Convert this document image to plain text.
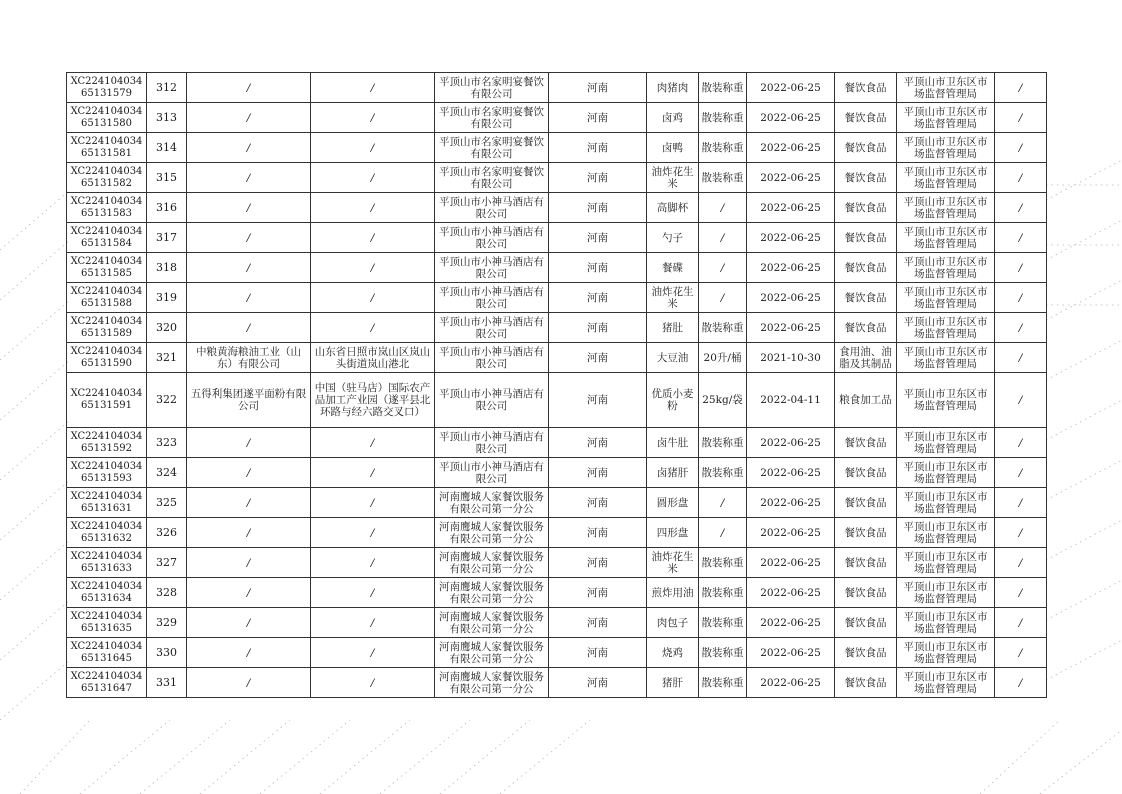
XC22410403465131579	312	/	/	平顶山市名家明宴餐饮有限公司	河南	肉猪肉	散装称重	2022-06-25	餐饮食品	平顶山市卫东区市场监督管理局	/
XC22410403465131580	313	/	/	平顶山市名家明宴餐饮有限公司	河南	卤鸡	散装称重	2022-06-25	餐饮食品	平顶山市卫东区市场监督管理局	/
XC22410403465131581	314	/	/	平顶山市名家明宴餐饮有限公司	河南	卤鸭	散装称重	2022-06-25	餐饮食品	平顶山市卫东区市场监督管理局	/
XC22410403465131582	315	/	/	平顶山市名家明宴餐饮有限公司	河南	油炸花生米	散装称重	2022-06-25	餐饮食品	平顶山市卫东区市场监督管理局	/
XC22410403465131583	316	/	/	平顶山市小神马酒店有限公司	河南	高脚杯	/	2022-06-25	餐饮食品	平顶山市卫东区市场监督管理局	/
XC22410403465131584	317	/	/	平顶山市小神马酒店有限公司	河南	勺子	/	2022-06-25	餐饮食品	平顶山市卫东区市场监督管理局	/
XC22410403465131585	318	/	/	平顶山市小神马酒店有限公司	河南	餐碟	/	2022-06-25	餐饮食品	平顶山市卫东区市场监督管理局	/
XC22410403465131588	319	/	/	平顶山市小神马酒店有限公司	河南	油炸花生米	/	2022-06-25	餐饮食品	平顶山市卫东区市场监督管理局	/
XC22410403465131589	320	/	/	平顶山市小神马酒店有限公司	河南	猪肚	散装称重	2022-06-25	餐饮食品	平顶山市卫东区市场监督管理局	/
XC22410403465131590	321	中粮黄海粮油工业（山东）有限公司	山东省日照市岚山区岚山头街道岚山港北	平顶山市小神马酒店有限公司	河南	大豆油	20升/桶	2021-10-30	食用油、油脂及其制品	平顶山市卫东区市场监督管理局	/
XC22410403465131591	322	五得利集团遂平面粉有限公司	中国（驻马店）国际农产品加工产业园（遂平县北环路与经六路交叉口）	平顶山市小神马酒店有限公司	河南	优质小麦粉	25kg/袋	2022-04-11	粮食加工品	平顶山市卫东区市场监督管理局	/
XC22410403465131592	323	/	/	平顶山市小神马酒店有限公司	河南	卤牛肚	散装称重	2022-06-25	餐饮食品	平顶山市卫东区市场监督管理局	/
XC22410403465131593	324	/	/	平顶山市小神马酒店有限公司	河南	卤猪肝	散装称重	2022-06-25	餐饮食品	平顶山市卫东区市场监督管理局	/
XC22410403465131631	325	/	/	河南鹰城人家餐饮服务有限公司第一分公	河南	圆形盘	/	2022-06-25	餐饮食品	平顶山市卫东区市场监督管理局	/
XC22410403465131632	326	/	/	河南鹰城人家餐饮服务有限公司第一分公	河南	四形盘	/	2022-06-25	餐饮食品	平顶山市卫东区市场监督管理局	/
XC22410403465131633	327	/	/	河南鹰城人家餐饮服务有限公司第一分公	河南	油炸花生米	散装称重	2022-06-25	餐饮食品	平顶山市卫东区市场监督管理局	/
XC22410403465131634	328	/	/	河南鹰城人家餐饮服务有限公司第一分公	河南	煎炸用油	散装称重	2022-06-25	餐饮食品	平顶山市卫东区市场监督管理局	/
XC22410403465131635	329	/	/	河南鹰城人家餐饮服务有限公司第一分公	河南	肉包子	散装称重	2022-06-25	餐饮食品	平顶山市卫东区市场监督管理局	/
XC22410403465131645	330	/	/	河南鹰城人家餐饮服务有限公司第一分公	河南	烧鸡	散装称重	2022-06-25	餐饮食品	平顶山市卫东区市场监督管理局	/
XC22410403465131647	331	/	/	河南鹰城人家餐饮服务有限公司第一分公	河南	猪肝	散装称重	2022-06-25	餐饮食品	平顶山市卫东区市场监督管理局	/
